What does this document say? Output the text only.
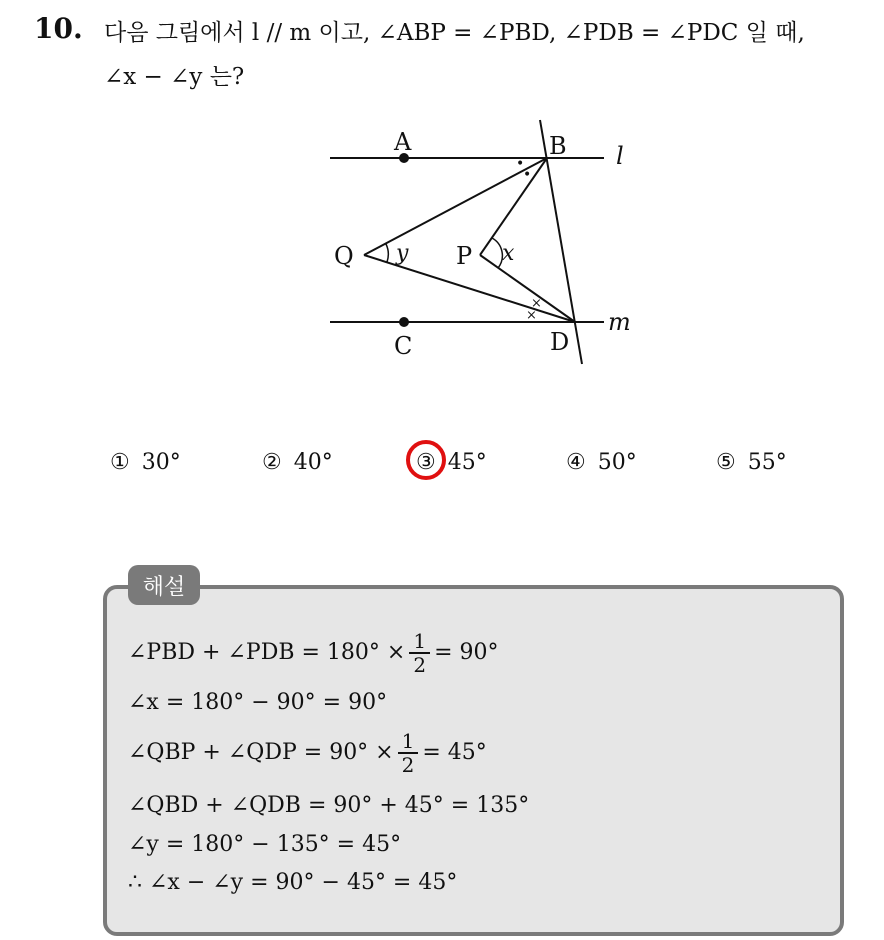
10. 다음 그림에서 l // m 이고, ∠ABP = ∠PBD, ∠PDB = ∠PDC 일 때,
∠x − ∠y 는?
•
•
×
×
A	B l
Q y P x
m
C	D
① 30°	② 40°	③ 45°	④ 50°	⑤ 55°
해설
∠PBD + ∠PDB = $180^\circ \times \frac{1}{2} = 90^\circ$
∠x = 180° − 90° = 90°
∠QBP + ∠QDP = $90^\circ \times \frac{1}{2} = 45^\circ$
∠QBD + ∠QDB = 90° + 45° = 135°
∠y = 180° − 135° = 45°
∴ ∠x − ∠y = 90° − 45° = 45°
